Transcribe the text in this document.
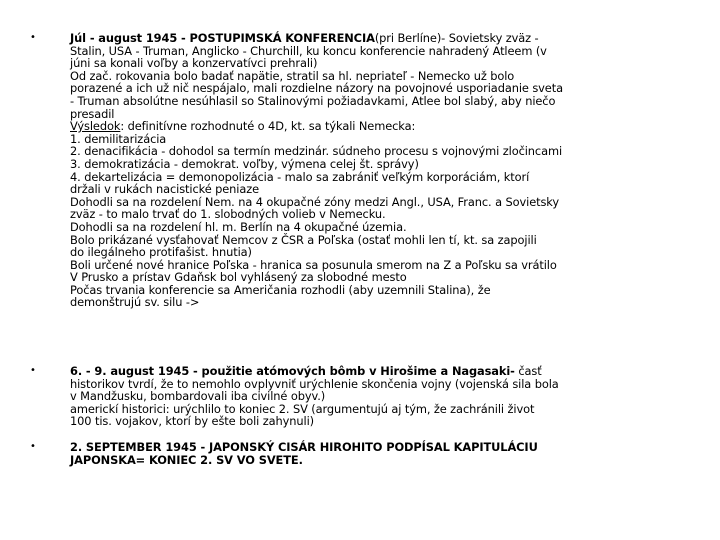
•	Júl - august 1945 - POSTUPIMSKÁ KONFERENCIA(pri Berlíne)- Sovietsky zväz -
Stalin, USA - Truman, Anglicko - Churchill, ku koncu konferencie nahradený Atleem (v
júni sa konali voľby a konzervatívci prehrali)
Od zač. rokovania bolo badať napätie, stratil sa hl. nepriateľ - Nemecko už bolo
porazené a ich už nič nespájalo, mali rozdielne názory na povojnové usporiadanie sveta
- Truman absolútne nesúhlasil so Stalinovými požiadavkami, Atlee bol slabý, aby niečo
presadil
Výsledok: definitívne rozhodnuté o 4D, kt. sa týkali Nemecka:
1. demilitarizácia
2. denacifikácia - dohodol sa termín medzinár. súdneho procesu s vojnovými zločincami
3. demokratizácia - demokrat. voľby, výmena celej št. správy)
4. dekartelizácia = demonopolizácia - malo sa zabrániť veľkým korporáciám, ktorí
držali v rukách nacistické peniaze
Dohodli sa na rozdelení Nem. na 4 okupačné zóny medzi Angl., USA, Franc. a Sovietsky
zväz - to malo trvať do 1. slobodných volieb v Nemecku.
Dohodli sa na rozdelení hl. m. Berlín na 4 okupačné územia.
Bolo prikázané vysťahovať Nemcov z ČSR a Poľska (ostať mohli len tí, kt. sa zapojili
do ilegálneho protifašist. hnutia)
Boli určené nové hranice Poľska - hranica sa posunula smerom na Z a Poľsku sa vrátilo
V Prusko a prístav Gdaňsk bol vyhlásený za slobodné mesto
Počas trvania konferencie sa Američania rozhodli (aby uzemnili Stalina), že
demonštrujú sv. silu ->
•	6. - 9. august 1945 - použitie atómových bômb v Hirošime a Nagasaki- časť
historikov tvrdí, že to nemohlo ovplyvniť urýchlenie skončenia vojny (vojenská sila bola
v Mandžusku, bombardovali iba civilné obyv.)
americkí historici: urýchlilo to koniec 2. SV (argumentujú aj tým, že zachránili život
100 tis. vojakov, ktorí by ešte boli zahynuli)
•	2. SEPTEMBER 1945 - JAPONSKÝ CISÁR HIROHITO PODPÍSAL KAPITULÁCIU
JAPONSKA= KONIEC 2. SV VO SVETE.
